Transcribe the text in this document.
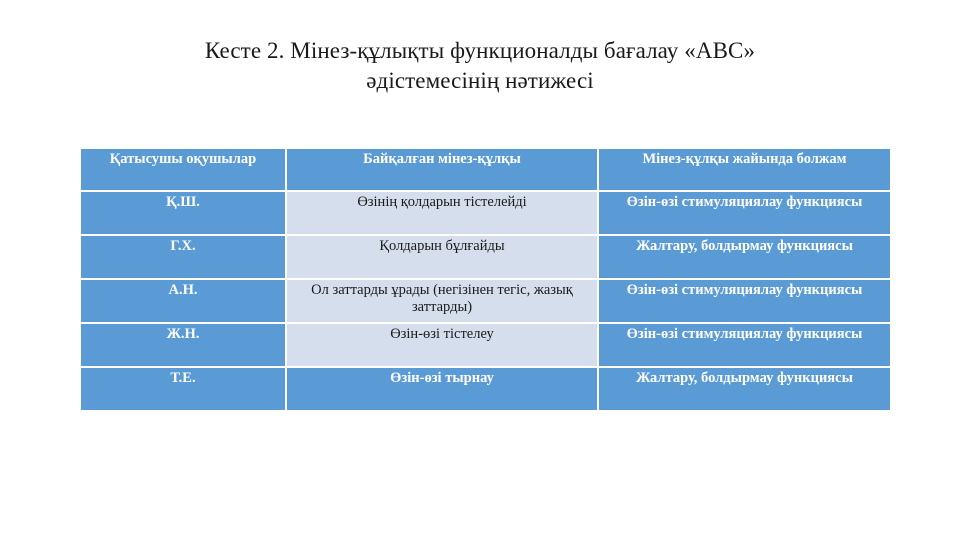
Кесте 2. Мінез-құлықты функционалды бағалау «АВС»
әдістемесінің нәтижесі
Қатысушы оқушылар	Байқалған мінез-құлқы	Мінез-құлқы жайында болжам
Қ.Ш.	Өзінің қолдарын тістелейді	Өзін-өзі стимуляциялау функциясы
Г.Х.	Қолдарын бұлғайды	Жалтару, болдырмау функциясы
А.Н.	Ол заттарды ұрады (негізінен тегіс, жазық заттарды)	Өзін-өзі стимуляциялау функциясы
Ж.Н.	Өзін-өзі тістелеу	Өзін-өзі стимуляциялау функциясы
Т.Е.	Өзін-өзі тырнау	Жалтару, болдырмау функциясы
